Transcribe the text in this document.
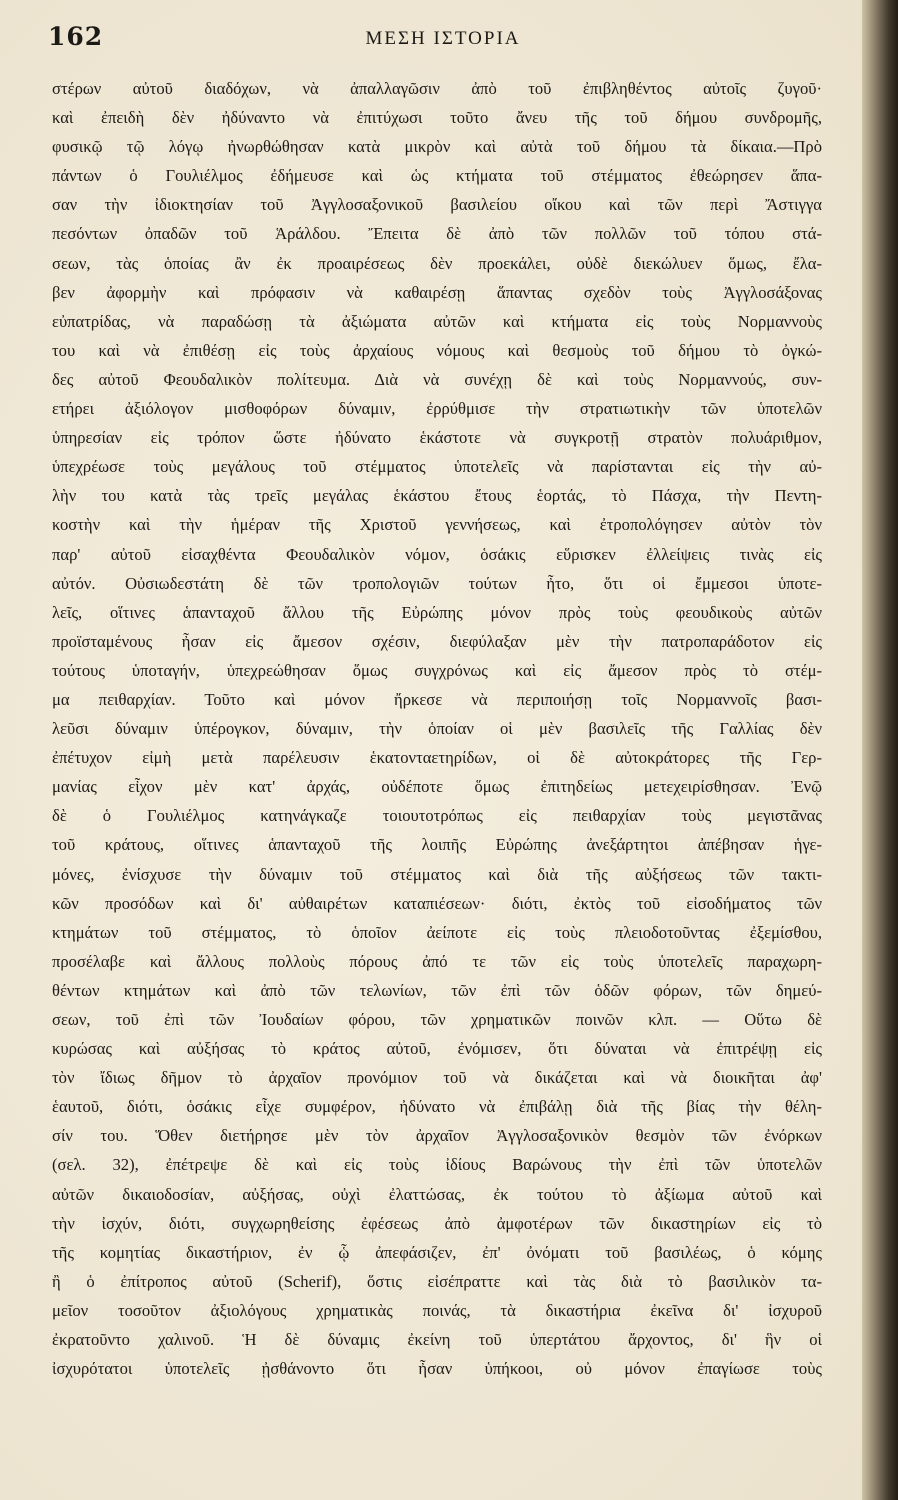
162	ΜΕΣΗ ΙΣΤΟΡΙΑ
στέρων αὐτοῦ διαδόχων, νὰ ἀπαλλαγῶσιν ἀπὸ τοῦ ἐπιβληθέντος αὐτοῖς ζυγοῦ·
καὶ ἐπειδὴ δὲν ἠδύναντο νὰ ἐπιτύχωσι τοῦτο ἄνευ τῆς τοῦ δήμου συνδρομῆς,
φυσικῷ τῷ λόγῳ ἠνωρθώθησαν κατὰ μικρὸν καὶ αὐτὰ τοῦ δήμου τὰ δίκαια.—Πρὸ
πάντων ὁ Γουλιέλμος ἐδήμευσε καὶ ὡς κτήματα τοῦ στέμματος ἐθεώρησεν ἅπα-
σαν τὴν ἰδιοκτησίαν τοῦ Ἀγγλοσαξονικοῦ βασιλείου οἴκου καὶ τῶν περὶ Ἄστιγγα
πεσόντων ὀπαδῶν τοῦ Ἁράλδου. Ἔπειτα δὲ ἀπὸ τῶν πολλῶν τοῦ τόπου στά-
σεων, τὰς ὁποίας ἂν ἐκ προαιρέσεως δὲν προεκάλει, οὐδὲ διεκώλυεν ὅμως, ἔλα-
βεν ἀφορμὴν καὶ πρόφασιν νὰ καθαιρέσῃ ἅπαντας σχεδὸν τοὺς Ἀγγλοσάξονας
εὐπατρίδας, νὰ παραδώσῃ τὰ ἀξιώματα αὐτῶν καὶ κτήματα εἰς τοὺς Νορμαννοὺς
του καὶ νὰ ἐπιθέσῃ εἰς τοὺς ἀρχαίους νόμους καὶ θεσμοὺς τοῦ δήμου τὸ ὀγκώ-
δες αὐτοῦ Φεουδαλικὸν πολίτευμα. Διὰ νὰ συνέχῃ δὲ καὶ τοὺς Νορμαννούς, συν-
ετήρει ἀξιόλογον μισθοφόρων δύναμιν, ἐρρύθμισε τὴν στρατιωτικὴν τῶν ὑποτελῶν
ὑπηρεσίαν εἰς τρόπον ὥστε ἠδύνατο ἑκάστοτε νὰ συγκροτῇ στρατὸν πολυάριθμον,
ὑπεχρέωσε τοὺς μεγάλους τοῦ στέμματος ὑποτελεῖς νὰ παρίστανται εἰς τὴν αὐ-
λὴν του κατὰ τὰς τρεῖς μεγάλας ἑκάστου ἔτους ἑορτάς, τὸ Πάσχα, τὴν Πεντη-
κοστὴν καὶ τὴν ἡμέραν τῆς Χριστοῦ γεννήσεως, καὶ ἐτροπολόγησεν αὐτὸν τὸν
παρ' αὐτοῦ εἰσαχθέντα Φεουδαλικὸν νόμον, ὁσάκις εὕρισκεν ἐλλείψεις τινὰς εἰς
αὐτόν. Οὐσιωδεστάτη δὲ τῶν τροπολογιῶν τούτων ἦτο, ὅτι οἱ ἔμμεσοι ὑποτε-
λεῖς, οἵτινες ἁπανταχοῦ ἄλλου τῆς Εὐρώπης μόνον πρὸς τοὺς φεουδικοὺς αὐτῶν
προϊσταμένους ἦσαν εἰς ἄμεσον σχέσιν, διεφύλαξαν μὲν τὴν πατροπαράδοτον εἰς
τούτους ὑποταγήν, ὑπεχρεώθησαν ὅμως συγχρόνως καὶ εἰς ἄμεσον πρὸς τὸ στέμ-
μα πειθαρχίαν. Τοῦτο καὶ μόνον ἤρκεσε νὰ περιποιήσῃ τοῖς Νορμαννοῖς βασι-
λεῦσι δύναμιν ὑπέρογκον, δύναμιν, τὴν ὁποίαν οἱ μὲν βασιλεῖς τῆς Γαλλίας δὲν
ἐπέτυχον εἰμὴ μετὰ παρέλευσιν ἑκατονταετηρίδων, οἱ δὲ αὐτοκράτορες τῆς Γερ-
μανίας εἶχον μὲν κατ' ἀρχάς, οὐδέποτε ὅμως ἐπιτηδείως μετεχειρίσθησαν. Ἐνῷ
δὲ ὁ Γουλιέλμος κατηνάγκαζε τοιουτοτρόπως εἰς πειθαρχίαν τοὺς μεγιστᾶνας
τοῦ κράτους, οἵτινες ἁπανταχοῦ τῆς λοιπῆς Εὐρώπης ἀνεξάρτητοι ἀπέβησαν ἡγε-
μόνες, ἐνίσχυσε τὴν δύναμιν τοῦ στέμματος καὶ διὰ τῆς αὐξήσεως τῶν τακτι-
κῶν προσόδων καὶ δι' αὐθαιρέτων καταπιέσεων· διότι, ἐκτὸς τοῦ εἰσοδήματος τῶν
κτημάτων τοῦ στέμματος, τὸ ὁποῖον ἀείποτε εἰς τοὺς πλειοδοτοῦντας ἐξεμίσθου,
προσέλαβε καὶ ἄλλους πολλοὺς πόρους ἀπό τε τῶν εἰς τοὺς ὑποτελεῖς παραχωρη-
θέντων κτημάτων καὶ ἀπὸ τῶν τελωνίων, τῶν ἐπὶ τῶν ὁδῶν φόρων, τῶν δημεύ-
σεων, τοῦ ἐπὶ τῶν Ἰουδαίων φόρου, τῶν χρηματικῶν ποινῶν κλπ. — Οὕτω δὲ
κυρώσας καὶ αὐξήσας τὸ κράτος αὐτοῦ, ἐνόμισεν, ὅτι δύναται νὰ ἐπιτρέψῃ εἰς
τὸν ἴδιως δῆμον τὸ ἀρχαῖον προνόμιον τοῦ νὰ δικάζεται καὶ νὰ διοικῆται ἀφ'
ἑαυτοῦ, διότι, ὁσάκις εἶχε συμφέρον, ἠδύνατο νὰ ἐπιβάλῃ διὰ τῆς βίας τὴν θέλη-
σίν του. Ὅθεν διετήρησε μὲν τὸν ἀρχαῖον Ἀγγλοσαξονικὸν θεσμὸν τῶν ἐνόρκων
(σελ. 32), ἐπέτρεψε δὲ καὶ εἰς τοὺς ἰδίους Βαρώνους τὴν ἐπὶ τῶν ὑποτελῶν
αὐτῶν δικαιοδοσίαν, αὐξήσας, οὐχὶ ἐλαττώσας, ἐκ τούτου τὸ ἀξίωμα αὐτοῦ καὶ
τὴν ἰσχύν, διότι, συγχωρηθείσης ἐφέσεως ἀπὸ ἀμφοτέρων τῶν δικαστηρίων εἰς τὸ
τῆς κομητίας δικαστήριον, ἐν ᾧ ἀπεφάσιζεν, ἐπ' ὀνόματι τοῦ βασιλέως, ὁ κόμης
ἢ ὁ ἐπίτροπος αὐτοῦ (Scherif), ὅστις εἰσέπραττε καὶ τὰς διὰ τὸ βασιλικὸν τα-
μεῖον τοσοῦτον ἀξιολόγους χρηματικὰς ποινάς, τὰ δικαστήρια ἐκεῖνα δι' ἰσχυροῦ
ἐκρατοῦντο χαλινοῦ. Ἡ δὲ δύναμις ἐκείνη τοῦ ὑπερτάτου ἄρχοντος, δι' ἣν οἱ
ἰσχυρότατοι ὑποτελεῖς ᾐσθάνοντο ὅτι ἦσαν ὑπήκοοι, οὐ μόνον ἐπαγίωσε τοὺς
